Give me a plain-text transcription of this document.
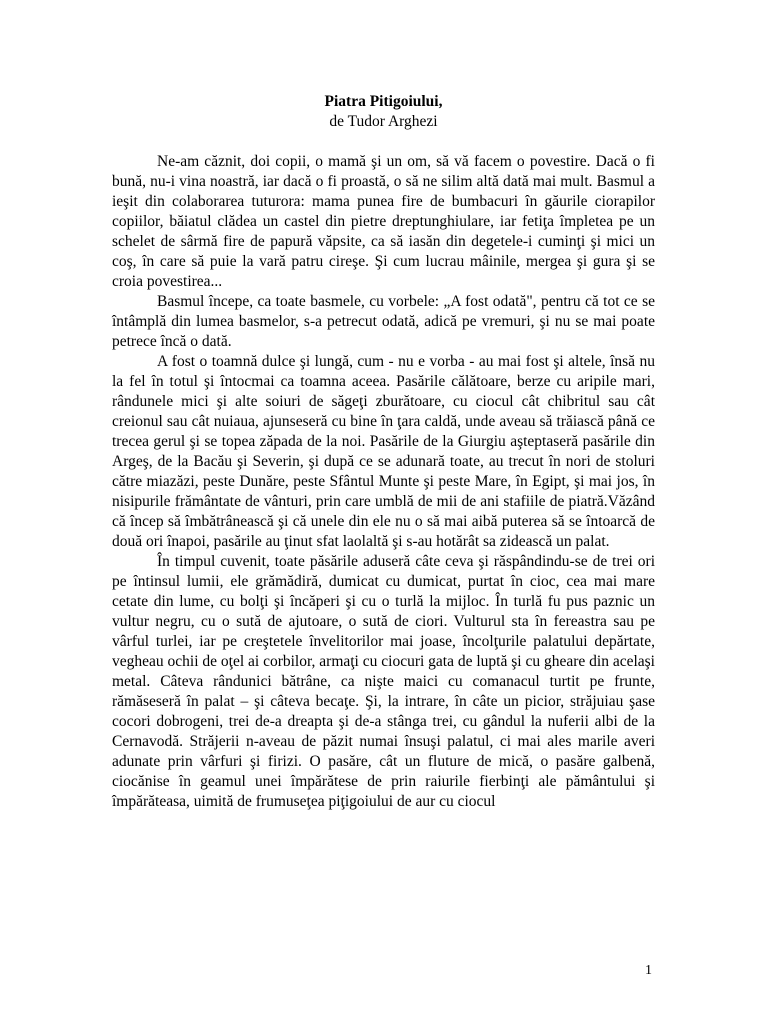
Piatra Pitigoiului,
de Tudor Arghezi

Ne-am căznit, doi copii, o mamă şi un om, să vă facem o povestire. Dacă o fi bună, nu-i vina noastră, iar dacă o fi proastă, o să ne silim altă dată mai mult. Basmul a ieşit din colaborarea tuturora: mama punea fire de bumbacuri în găurile ciorapilor copiilor, băiatul clădea un castel din pietre dreptunghiulare, iar fetiţa împletea pe un schelet de sârmă fire de papură văpsite, ca să iasăn din degetele-i cuminţi şi mici un coş, în care să puie la vară patru cireşe. Şi cum lucrau mâinile, mergea şi gura şi se croia povestirea...

Basmul începe, ca toate basmele, cu vorbele: „A fost odată", pentru că tot ce se întâmplă din lumea basmelor, s-a petrecut odată, adică pe vremuri, şi nu se mai poate petrece încă o dată.

A fost o toamnă dulce şi lungă, cum - nu e vorba - au mai fost şi altele, însă nu la fel în totul şi întocmai ca toamna aceea. Pasările călătoare, berze cu aripile mari, rândunele mici şi alte soiuri de săgeţi zburătoare, cu ciocul cât chibritul sau cât creionul sau cât nuiaua, ajunseseră cu bine în ţara caldă, unde aveau să trăiască până ce trecea gerul şi se topea zăpada de la noi. Pasările de la Giurgiu aşteptaseră pasările din Argeş, de la Bacău şi Severin, şi după ce se adunară toate, au trecut în nori de stoluri către miazăzi, peste Dunăre, peste Sfântul Munte şi peste Mare, în Egipt, şi mai jos, în nisipurile frământate de vânturi, prin care umblă de mii de ani stafiile de piatră.Văzând că încep să îmbătrânească şi că unele din ele nu o să mai aibă puterea să se întoarcă de două ori înapoi, pasările au ţinut sfat laolaltă şi s-au hotărât sa zidească un palat.

În timpul cuvenit, toate păsările aduseră câte ceva şi răspândindu-se de trei ori pe întinsul lumii, ele grămădiră, dumicat cu dumicat, purtat în cioc, cea mai mare cetate din lume, cu bolţi şi încăperi şi cu o turlă la mijloc. În turlă fu pus paznic un vultur negru, cu o sută de ajutoare, o sută de ciori. Vulturul sta în fereastra sau pe vârful turlei, iar pe creştetele învelitorilor mai joase, încolţurile palatului depărtate, vegheau ochii de oţel ai corbilor, armaţi cu ciocuri gata de luptă şi cu gheare din acelaşi metal. Câteva rândunici bătrâne, ca nişte maici cu comanacul turtit pe frunte, rămăseseră în palat – şi câteva becaţe. Şi, la intrare, în câte un picior, străjuiau şase cocori dobrogeni, trei de-a dreapta şi de-a stânga trei, cu gândul la nuferii albi de la Cernavodă. Străjerii n-aveau de păzit numai însuşi palatul, ci mai ales marile averi adunate prin vârfuri şi firizi. O pasăre, cât un fluture de mică, o pasăre galbenă, ciocănise în geamul unei împărătese de prin raiurile fierbinţi ale pământului şi împărăteasa, uimită de frumuseţea piţigoiului de aur cu ciocul

1
